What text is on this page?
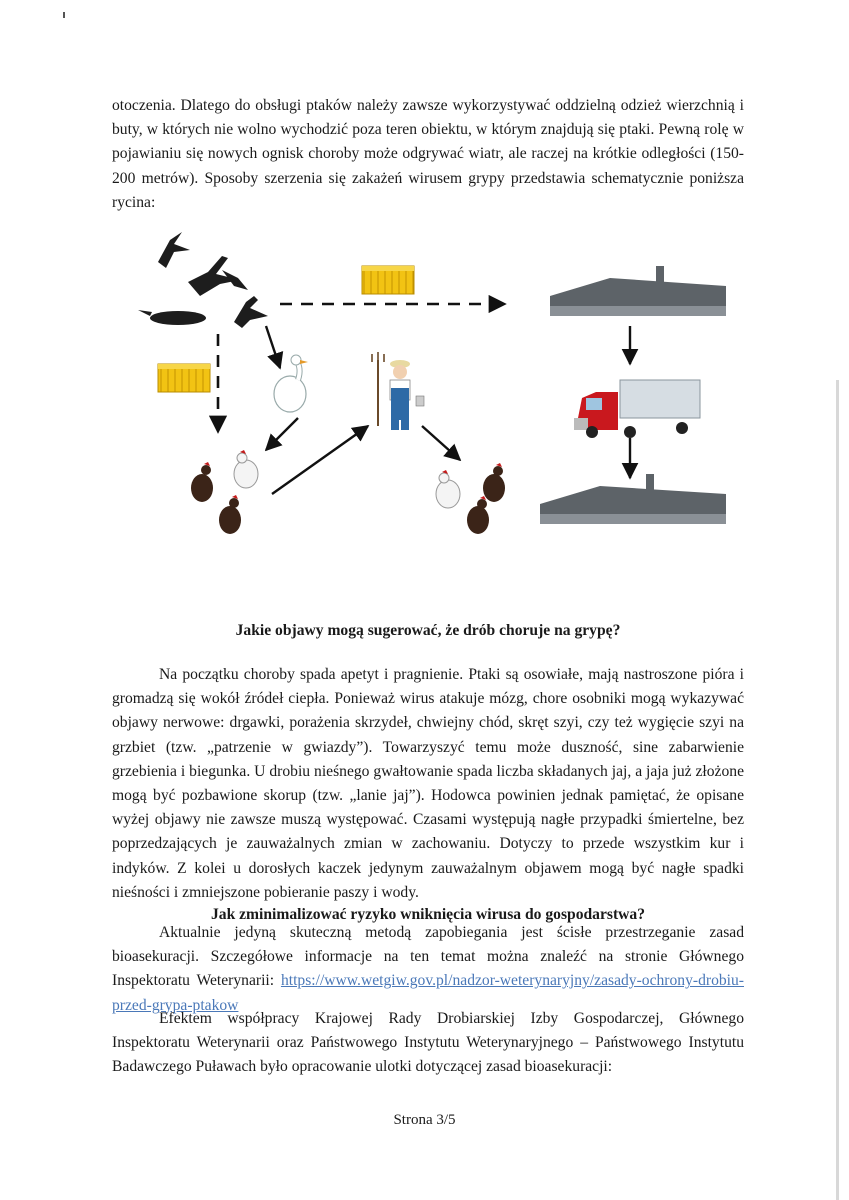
otoczenia. Dlatego do obsługi ptaków należy zawsze wykorzystywać oddzielną odzież wierzchnią i buty, w których nie wolno wychodzić poza teren obiektu, w którym znajdują się ptaki. Pewną rolę w pojawianiu się nowych ognisk choroby może odgrywać wiatr, ale raczej na krótkie odległości (150-200 metrów). Sposoby szerzenia się zakażeń wirusem grypy przedstawia schematycznie poniższa rycina:

Jakie objawy mogą sugerować, że drób choruje na grypę?

Na początku choroby spada apetyt i pragnienie. Ptaki są osowiałe, mają nastroszone pióra i gromadzą się wokół źródeł ciepła. Ponieważ wirus atakuje mózg, chore osobniki mogą wykazywać objawy nerwowe: drgawki, porażenia skrzydeł, chwiejny chód, skręt szyi, czy też wygięcie szyi na grzbiet (tzw. „patrzenie w gwiazdy”). Towarzyszyć temu może duszność, sine zabarwienie grzebienia i biegunka. U drobiu nieśnego gwałtowanie spada liczba składanych jaj, a jaja już złożone mogą być pozbawione skorup (tzw. „lanie jaj”). Hodowca powinien jednak pamiętać, że opisane wyżej objawy nie zawsze muszą występować. Czasami występują nagłe przypadki śmiertelne, bez poprzedzających je zauważalnych zmian w zachowaniu. Dotyczy to przede wszystkim kur i indyków. Z kolei u dorosłych kaczek jedynym zauważalnym objawem mogą być nagłe spadki nieśności i zmniejszone pobieranie paszy i wody.

Jak zminimalizować ryzyko wniknięcia wirusa do gospodarstwa?

Aktualnie jedyną skuteczną metodą zapobiegania jest ścisłe przestrzeganie zasad bioasekuracji. Szczegółowe informacje na ten temat można znaleźć na stronie Głównego Inspektoratu Weterynarii: https://www.wetgiw.gov.pl/nadzor-weterynaryjny/zasady-ochrony-drobiu-przed-grypa-ptakow

Efektem współpracy Krajowej Rady Drobiarskiej Izby Gospodarczej, Głównego Inspektoratu Weterynarii oraz Państwowego Instytutu Weterynaryjnego – Państwowego Instytutu Badawczego Puławach było opracowanie ulotki dotyczącej zasad bioasekuracji:

Strona 3/5
